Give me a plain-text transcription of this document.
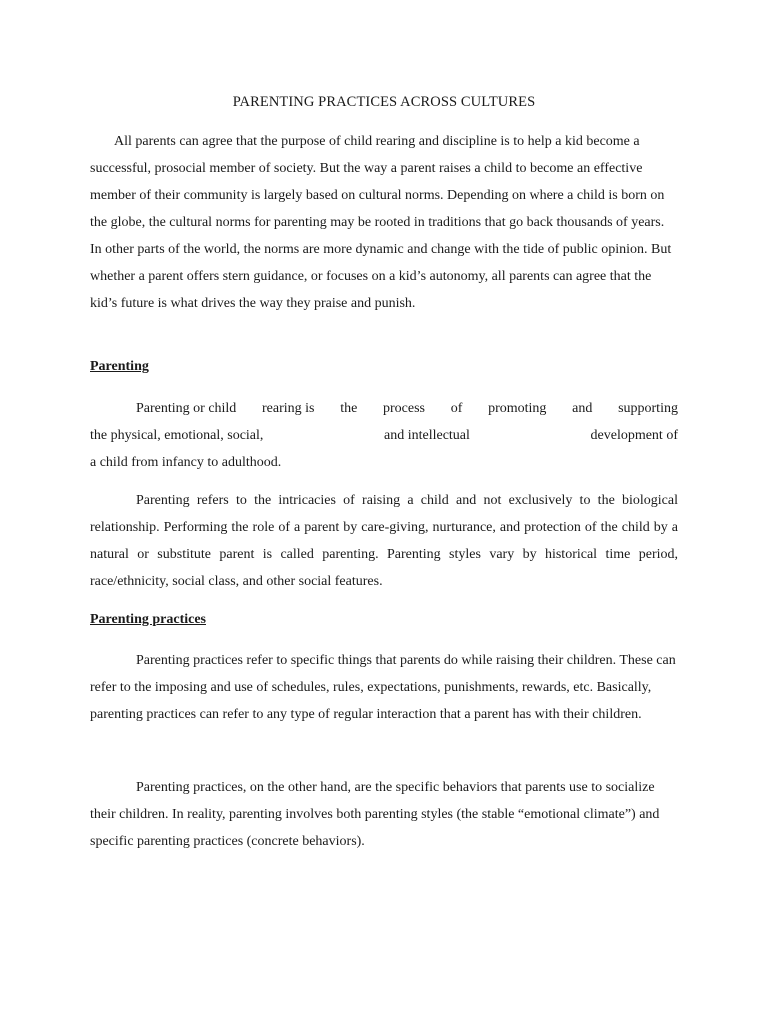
PARENTING PRACTICES ACROSS CULTURES

All parents can agree that the purpose of child rearing and discipline is to help a kid become a successful, prosocial member of society. But the way a parent raises a child to become an effective member of their community is largely based on cultural norms. Depending on where a child is born on the globe, the cultural norms for parenting may be rooted in traditions that go back thousands of years. In other parts of the world, the norms are more dynamic and change with the tide of public opinion. But whether a parent offers stern guidance, or focuses on a kid’s autonomy, all parents can agree that the kid’s future is what drives the way they praise and punish.

Parenting
Parenting or child rearing is the process of promoting and supporting
the physical, emotional, social,	and intellectual	development of
a child from infancy to adulthood.

Parenting refers to the intricacies of raising a child and not exclusively to the biological relationship. Performing the role of a parent by care-giving, nurturance, and protection of the child by a natural or substitute parent is called parenting. Parenting styles vary by historical time period, race/ethnicity, social class, and other social features.

Parenting practices

Parenting practices refer to specific things that parents do while raising their children. These can refer to the imposing and use of schedules, rules, expectations, punishments, rewards, etc. Basically, parenting practices can refer to any type of regular interaction that a parent has with their children.

Parenting practices, on the other hand, are the specific behaviors that parents use to socialize their children. In reality, parenting involves both parenting styles (the stable “emotional climate”) and specific parenting practices (concrete behaviors).
